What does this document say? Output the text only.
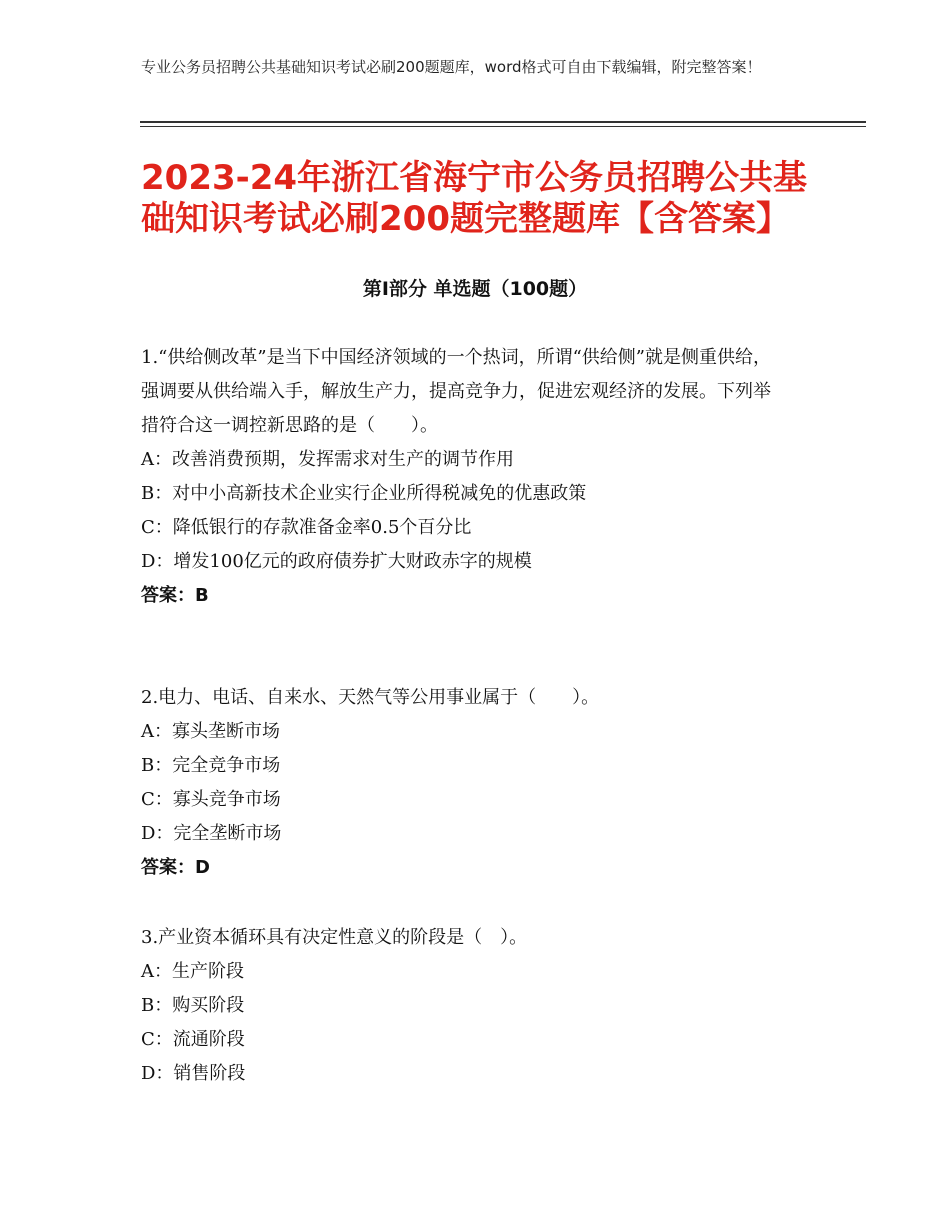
专业公务员招聘公共基础知识考试必刷200题题库，word格式可自由下载编辑，附完整答案！
2023-24年浙江省海宁市公务员招聘公共基础知识考试必刷200题完整题库【含答案】
第Ⅰ部分 单选题（100题）

1.“供给侧改革”是当下中国经济领域的一个热词，所谓“供给侧”就是侧重供给，强调要从供给端入手，解放生产力，提高竞争力，促进宏观经济的发展。下列举措符合这一调控新思路的是（　　）。

A：改善消费预期，发挥需求对生产的调节作用

B：对中小高新技术企业实行企业所得税减免的优惠政策

C：降低银行的存款准备金率0.5个百分比

D：增发100亿元的政府债券扩大财政赤字的规模

答案：B

2.电力、电话、自来水、天然气等公用事业属于（　　）。

A：寡头垄断市场

B：完全竞争市场

C：寡头竞争市场

D：完全垄断市场

答案：D

3.产业资本循环具有决定性意义的阶段是（　）。

A：生产阶段

B：购买阶段

C：流通阶段

D：销售阶段
